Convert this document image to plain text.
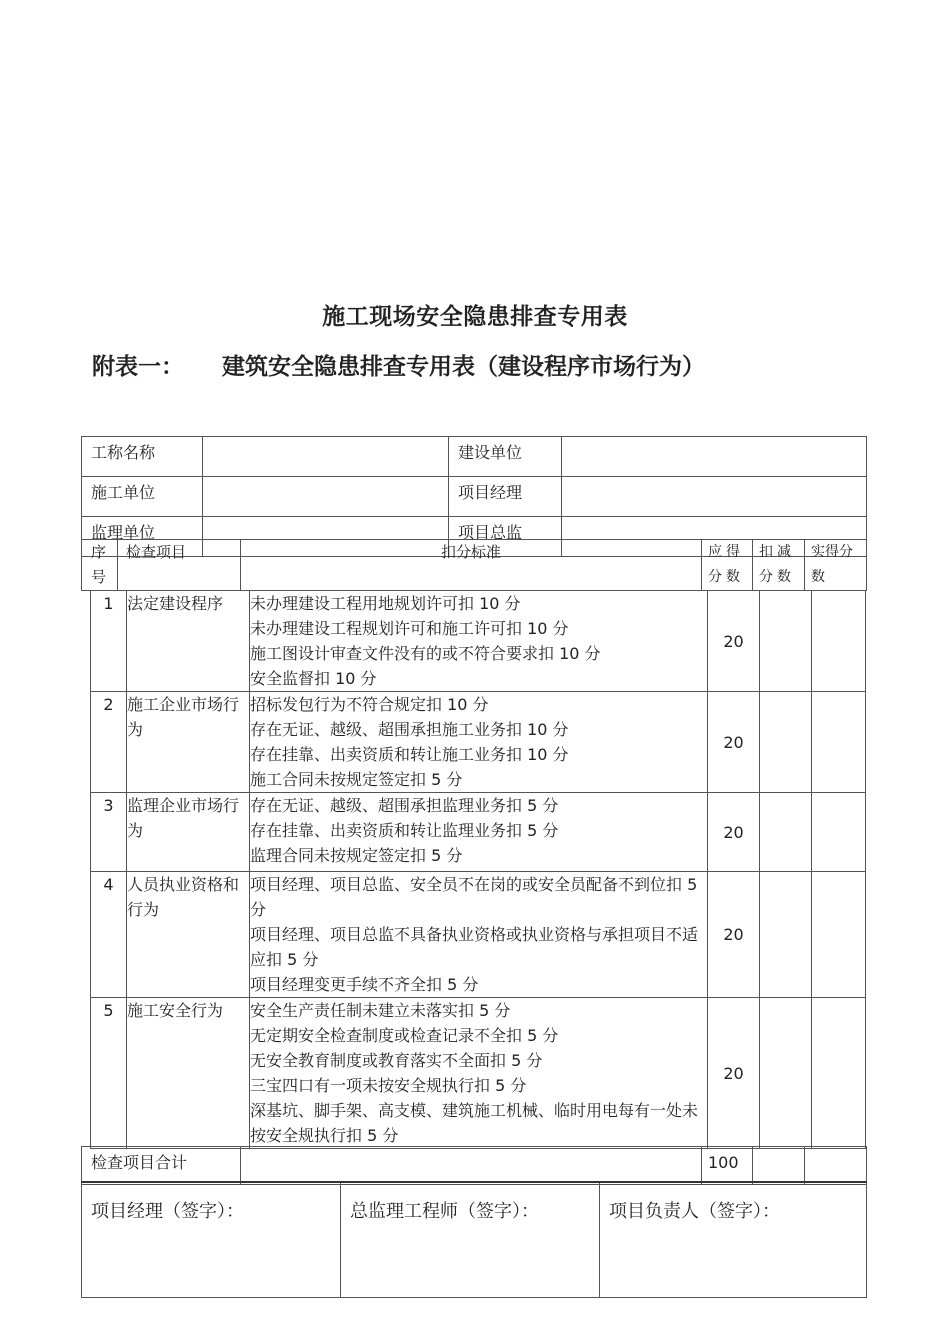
施工现场安全隐患排查专用表
附表一： 建筑安全隐患排查专用表（建设程序市场行为）
工称名称		建设单位	
施工单位		项目经理	
监理单位		项目总监	
序号	检查项目	扣分标准	应得分数	扣减分数	实得分数
1	法定建设程序	未办理建设工程用地规划许可扣 10 分
未办理建设工程规划许可和施工许可扣 10 分
施工图设计审查文件没有的或不符合要求扣 10 分
安全监督扣 10 分	20		
2	施工企业市场行为	招标发包行为不符合规定扣 10 分
存在无证、越级、超围承担施工业务扣 10 分
存在挂靠、出卖资质和转让施工业务扣 10 分
施工合同未按规定签定扣 5 分	20		
3	监理企业市场行为	存在无证、越级、超围承担监理业务扣 5 分
存在挂靠、出卖资质和转让监理业务扣 5 分
监理合同未按规定签定扣 5 分	20		
4	人员执业资格和行为	项目经理、项目总监、安全员不在岗的或安全员配备不到位扣 5 分
项目经理、项目总监不具备执业资格或执业资格与承担项目不适应扣 5 分
项目经理变更手续不齐全扣 5 分	20		
5	施工安全行为	安全生产责任制未建立未落实扣 5 分
无定期安全检查制度或检查记录不全扣 5 分
无安全教育制度或教育落实不全面扣 5 分
三宝四口有一项未按安全规执行扣 5 分
深基坑、脚手架、高支模、建筑施工机械、临时用电每有一处未按安全规执行扣 5 分	20		
检查项目合计		100		
项目经理（签字）：	总监理工程师（签字）：	项目负责人（签字）：
